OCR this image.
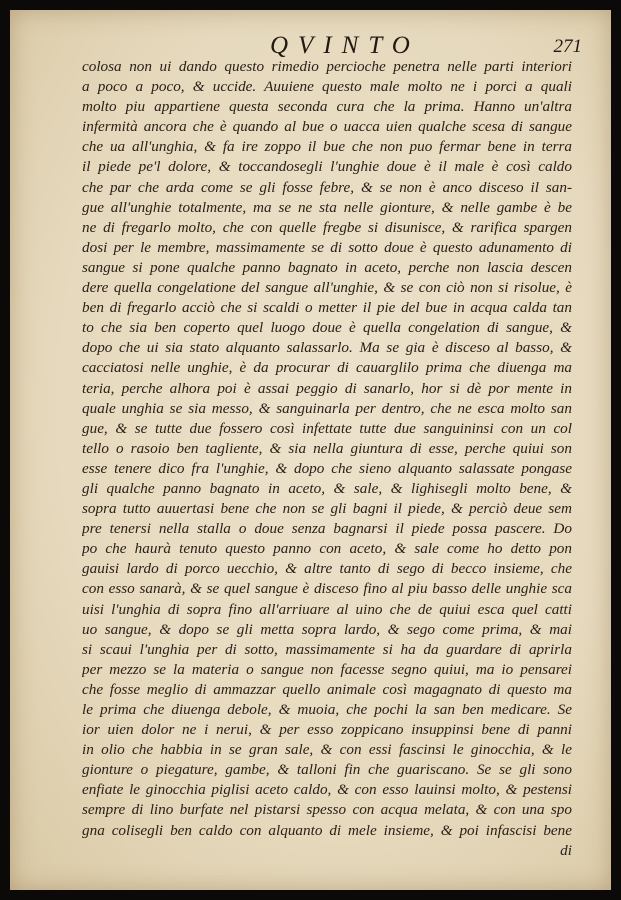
QVINTO	271
colosa non ui dando questo rimedio percioche penetra nelle parti interiori
a poco a poco, & uccide. Auuiene questo male molto ne i porci a quali
molto piu appartiene questa seconda cura che la prima. Hanno un'altra
infermità ancora che è quando al bue o uacca uien qualche scesa di sangue
che ua all'unghia, & fa ire zoppo il bue che non puo fermar bene in terra
il piede pe'l dolore, & toccandosegli l'unghie doue è il male è così caldo
che par che arda come se gli fosse febre, & se non è anco disceso il san-
gue all'unghie totalmente, ma se ne sta nelle gionture, & nelle gambe è be
ne di fregarlo molto, che con quelle fregbe si disunisce, & rarifica spargen
dosi per le membre, massimamente se di sotto doue è questo adunamento di
sangue si pone qualche panno bagnato in aceto, perche non lascia descen
dere quella congelatione del sangue all'unghie, & se con ciò non si risolue, è
ben di fregarlo acciò che si scaldi o metter il pie del bue in acqua calda tan
to che sia ben coperto quel luogo doue è quella congelation di sangue, &
dopo che ui sia stato alquanto salassarlo. Ma se gia è disceso al basso, &
cacciatosi nelle unghie, è da procurar di cauarglilo prima che diuenga ma
teria, perche alhora poi è assai peggio di sanarlo, hor si dè por mente in
quale unghia se sia messo, & sanguinarla per dentro, che ne esca molto san
gue, & se tutte due fossero così infettate tutte due sanguininsi con un col
tello o rasoio ben tagliente, & sia nella giuntura di esse, perche quiui son
esse tenere dico fra l'unghie, & dopo che sieno alquanto salassate pongase
gli qualche panno bagnato in aceto, & sale, & lighisegli molto bene, &
sopra tutto auuertasi bene che non se gli bagni il piede, & perciò deue sem
pre tenersi nella stalla o doue senza bagnarsi il piede possa pascere. Do
po che haurà tenuto questo panno con aceto, & sale come ho detto pon
gauisi lardo di porco uecchio, & altre tanto di sego di becco insieme, che
con esso sanarà, & se quel sangue è disceso fino al piu basso delle unghie sca
uisi l'unghia di sopra fino all'arriuare al uino che de quiui esca quel catti
uo sangue, & dopo se gli metta sopra lardo, & sego come prima, & mai
si scaui l'unghia per di sotto, massimamente si ha da guardare di aprirla
per mezzo se la materia o sangue non facesse segno quiui, ma io pensarei
che fosse meglio di ammazzar quello animale così magagnato di questo ma
le prima che diuenga debole, & muoia, che pochi la san ben medicare. Se
ior uien dolor ne i nerui, & per esso zoppicano insuppinsi bene di panni
in olio che habbia in se gran sale, & con essi fascinsi le ginocchia, & le
gionture o piegature, gambe, & talloni fin che guariscano. Se se gli sono
enfiate le ginocchia piglisi aceto caldo, & con esso lauinsi molto, & pestensi
sempre di lino burfate nel pistarsi spesso con acqua melata, & con una spo
gna colisegli ben caldo con alquanto di mele insieme, & poi infascisi bene
di
